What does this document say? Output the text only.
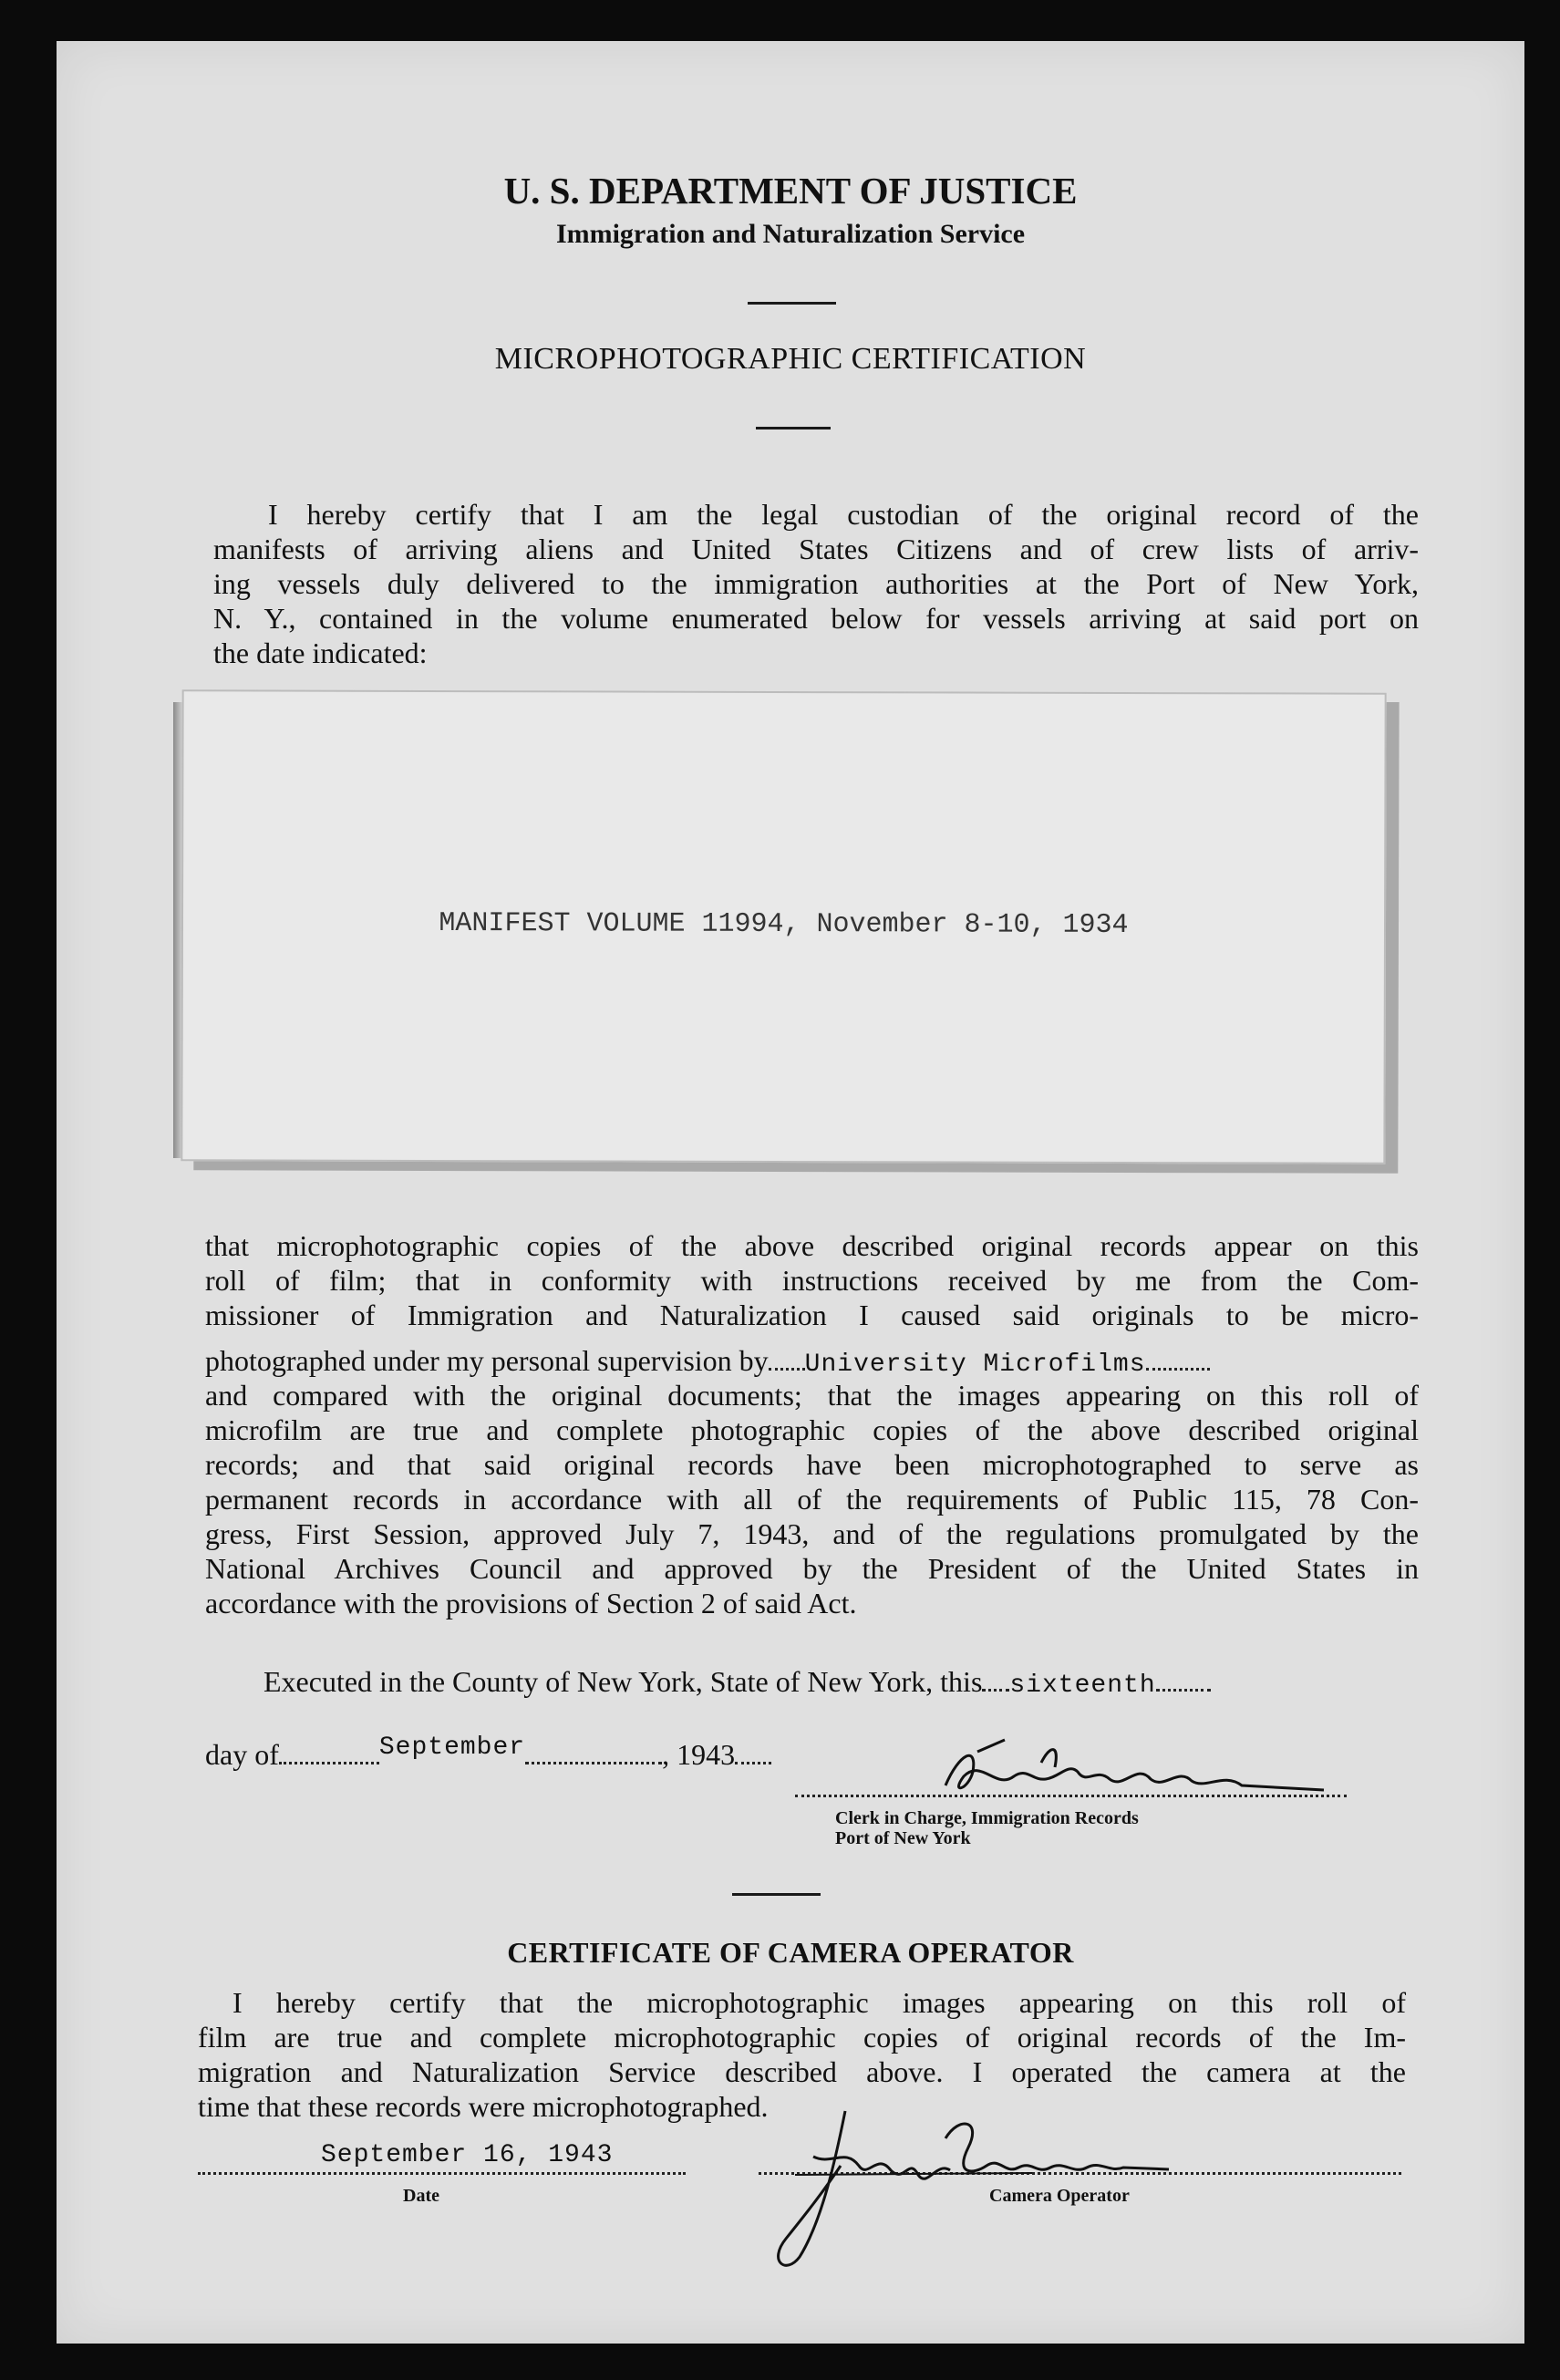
U. S. DEPARTMENT OF JUSTICE
Immigration and Naturalization Service
MICROPHOTOGRAPHIC CERTIFICATION
I hereby certify that I am the legal custodian of the original record of the
manifests of arriving aliens and United States Citizens and of crew lists of arriv-
ing vessels duly delivered to the immigration authorities at the Port of New York,
N. Y., contained in the volume enumerated below for vessels arriving at said port on
the date indicated:
MANIFEST VOLUME 11994, November 8-10, 1934
that microphotographic copies of the above described original records appear on this
roll of film; that in conformity with instructions received by me from the Com-
missioner of Immigration and Naturalization I caused said originals to be micro-
photographed under my personal supervision by University Microfilms
and compared with the original documents; that the images appearing on this roll of
microfilm are true and complete photographic copies of the above described original
records; and that said original records have been microphotographed to serve as
permanent records in accordance with all of the requirements of Public 115, 78 Con-
gress, First Session, approved July 7, 1943, and of the regulations promulgated by the
National Archives Council and approved by the President of the United States in
accordance with the provisions of Section 2 of said Act.
Executed in the County of New York, State of New York, this sixteenth
day of	September	, 1943
Clerk in Charge, Immigration Records
Port of New York
CERTIFICATE OF CAMERA OPERATOR
I hereby certify that the microphotographic images appearing on this roll of
film are true and complete microphotographic copies of original records of the Im-
migration and Naturalization Service described above. I operated the camera at the
time that these records were microphotographed.
September 16, 1943
Date	Camera Operator
